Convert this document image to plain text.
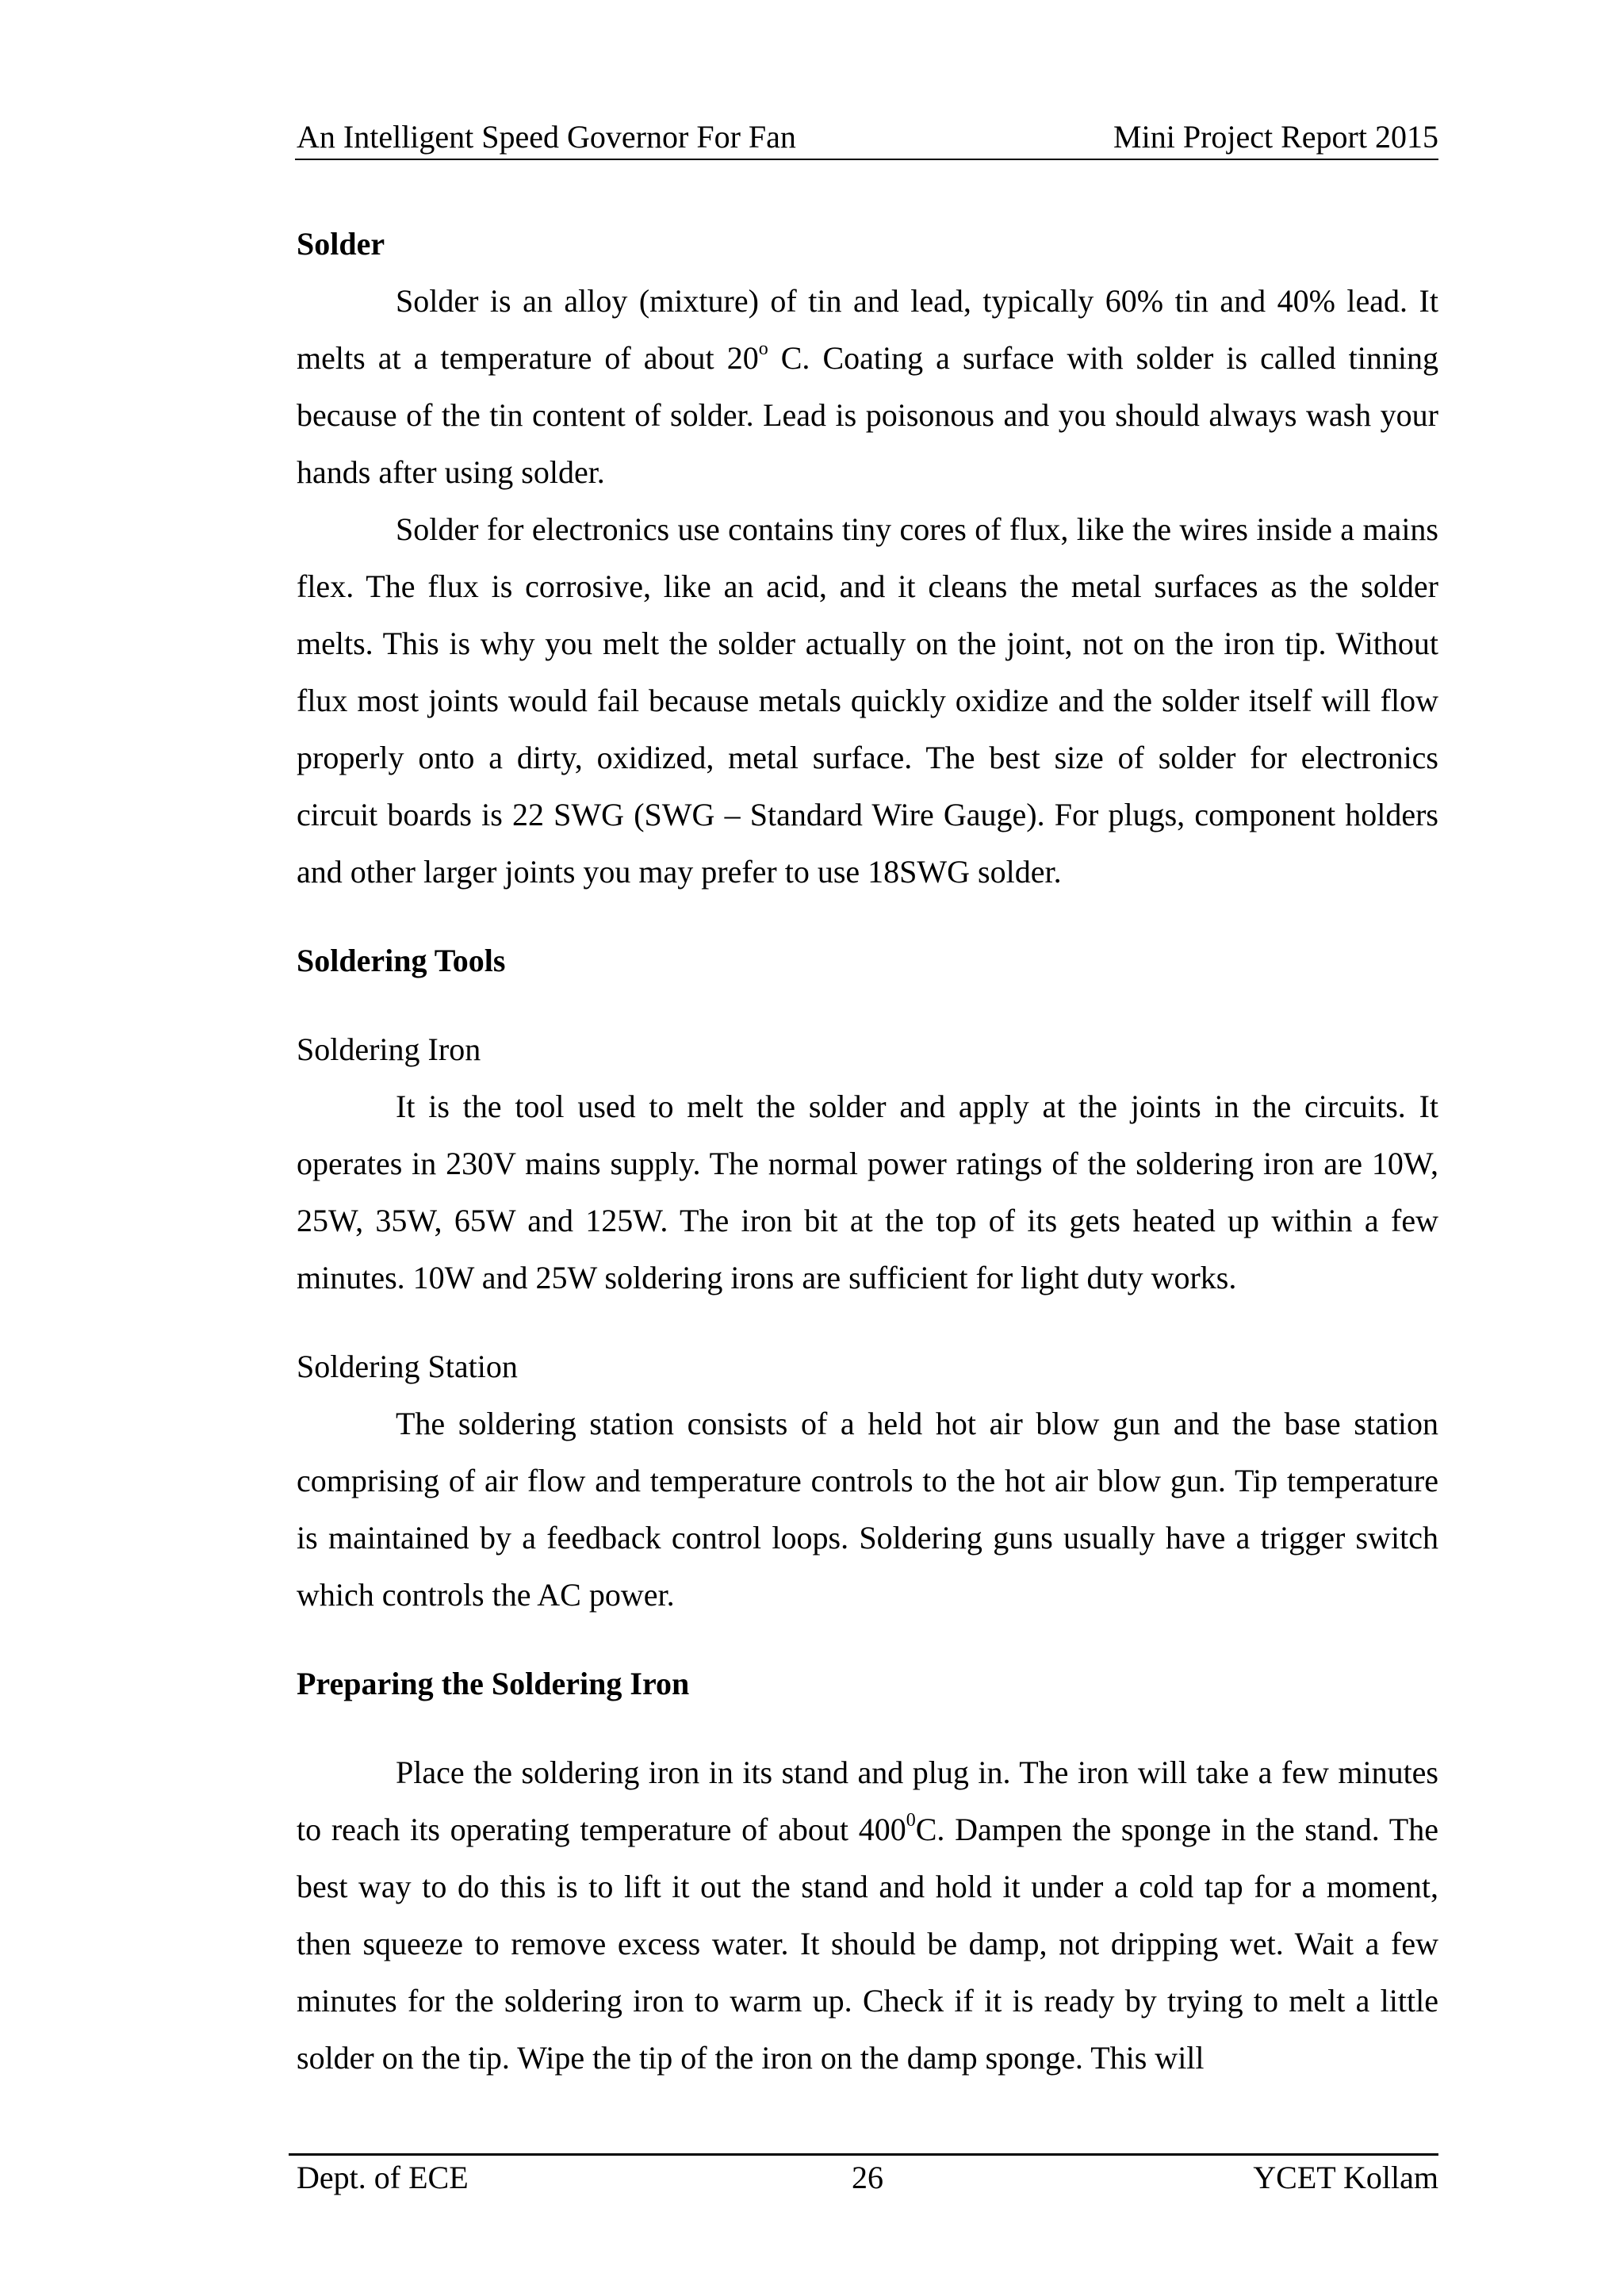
An Intelligent Speed Governor For Fan	Mini Project Report 2015

Solder

Solder is an alloy (mixture) of tin and lead, typically 60% tin and 40% lead. It melts at a temperature of about 20$^o$ C. Coating a surface with solder is called tinning because of the tin content of solder. Lead is poisonous and you should always wash your hands after using solder.

Solder for electronics use contains tiny cores of flux, like the wires inside a mains flex. The flux is corrosive, like an acid, and it cleans the metal surfaces as the solder melts. This is why you melt the solder actually on the joint, not on the iron tip. Without flux most joints would fail because metals quickly oxidize and the solder itself will flow properly onto a dirty, oxidized, metal surface. The best size of solder for electronics circuit boards is 22 SWG (SWG – Standard Wire Gauge). For plugs, component holders and other larger joints you may prefer to use 18SWG solder.

Soldering Tools

Soldering Iron

It is the tool used to melt the solder and apply at the joints in the circuits. It operates in 230V mains supply. The normal power ratings of the soldering iron are 10W, 25W, 35W, 65W and 125W. The iron bit at the top of its gets heated up within a few minutes. 10W and 25W soldering irons are sufficient for light duty works.

Soldering Station

The soldering station consists of a held hot air blow gun and the base station comprising of air flow and temperature controls to the hot air blow gun. Tip temperature is maintained by a feedback control loops. Soldering guns usually have a trigger switch which controls the AC power.

Preparing the Soldering Iron

Place the soldering iron in its stand and plug in. The iron will take a few minutes to reach its operating temperature of about $400^0C$. Dampen the sponge in the stand. The best way to do this is to lift it out the stand and hold it under a cold tap for a moment, then squeeze to remove excess water. It should be damp, not dripping wet. Wait a few minutes for the soldering iron to warm up. Check if it is ready by trying to melt a little solder on the tip. Wipe the tip of the iron on the damp sponge. This will

Dept. of ECE	26	YCET Kollam
